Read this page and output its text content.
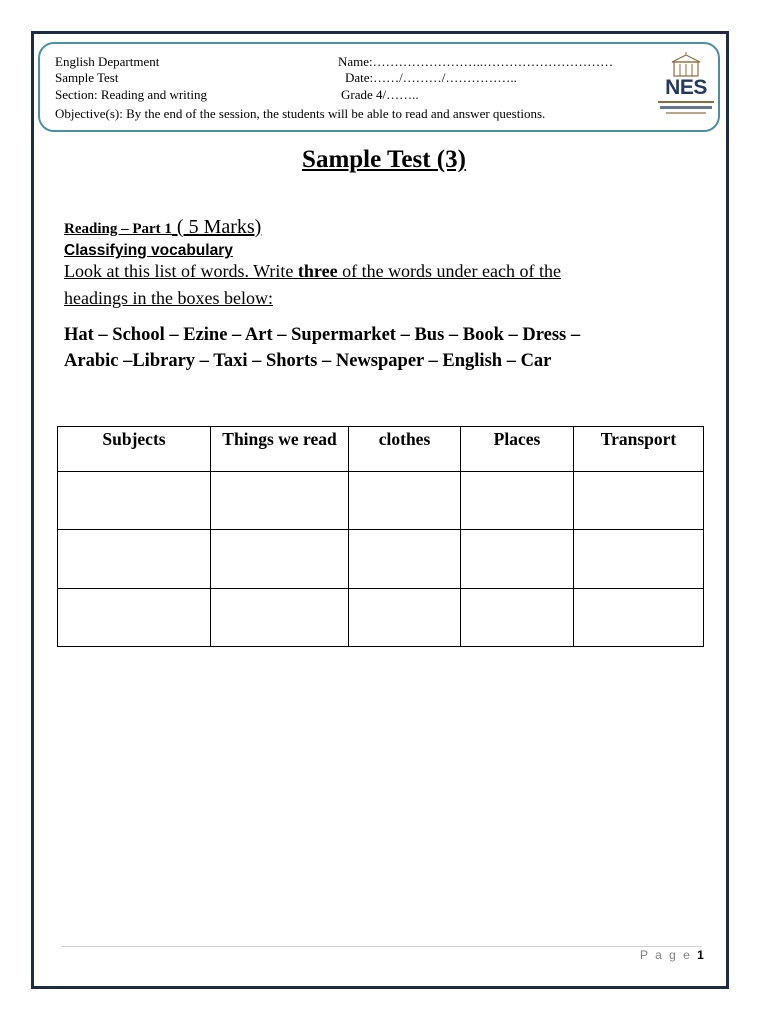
English Department
Sample Test
Section: Reading and writing
Name:……………………..…………………………
Date:……/………/……………..
Grade 4/……..
Objective(s): By the end of the session, the students will be able to read and answer questions.
NES
Sample Test (3)
Reading – Part 1 ( 5 Marks)
Classifying vocabulary
Look at this list of words. Write three of the words under each of the
headings in the boxes below:
Hat – School – Ezine – Art – Supermarket – Bus – Book – Dress –
Arabic –Library – Taxi – Shorts – Newspaper – English – Car
Subjects	Things we read	clothes	Places	Transport

P a g e 1
